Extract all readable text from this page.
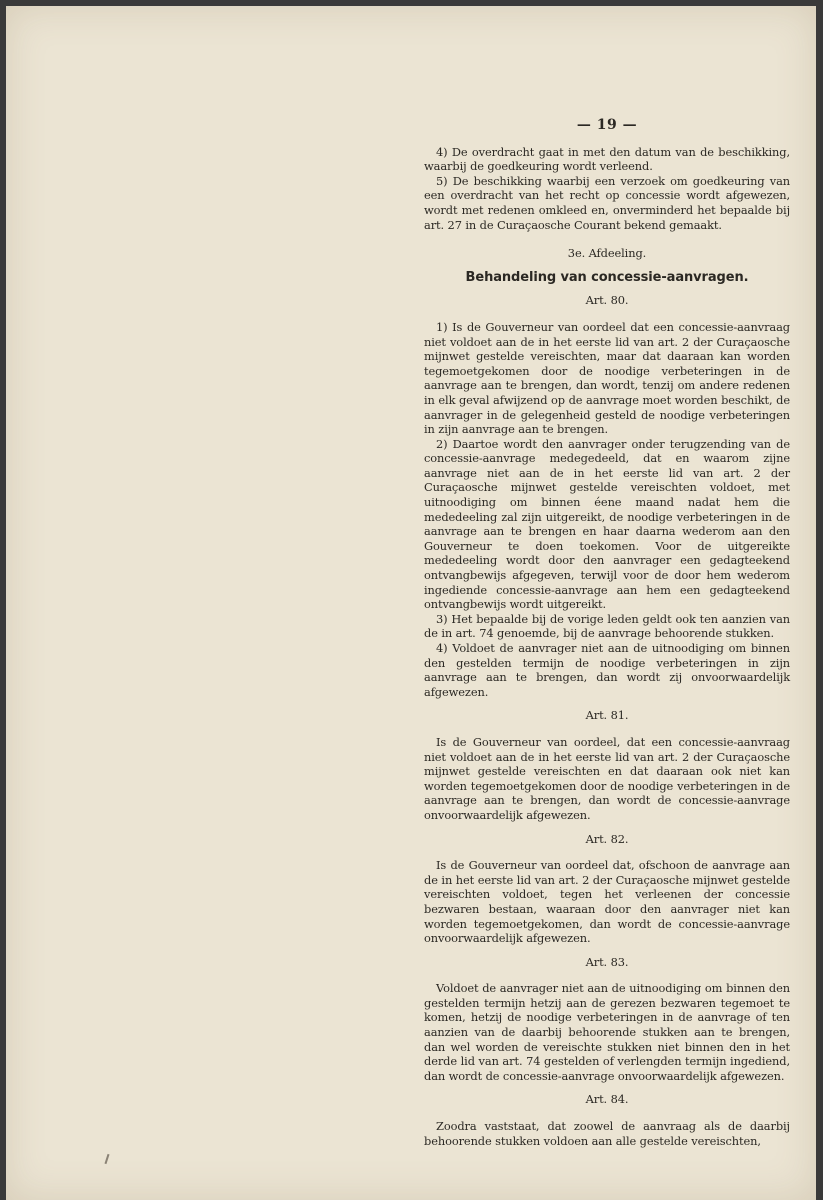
— 19 —

4) De overdracht gaat in met den datum van de beschikking, waarbij de goedkeuring wordt verleend.

5) De beschikking waarbij een verzoek om goedkeuring van een overdracht van het recht op concessie wordt afgewezen, wordt met redenen omkleed en, onverminderd het bepaalde bij art. 27 in de Curaçaosche Courant bekend gemaakt.

3e. Afdeeling.
Behandeling van concessie-aanvragen.
Art. 80.

1) Is de Gouverneur van oordeel dat een concessie-aanvraag niet voldoet aan de in het eerste lid van art. 2 der Curaçaosche mijnwet gestelde vereischten, maar dat daaraan kan worden tegemoetgekomen door de noodige verbeteringen in de aanvrage aan te brengen, dan wordt, tenzij om andere redenen in elk geval afwijzend op de aanvrage moet worden beschikt, de aanvrager in de gelegenheid gesteld de noodige verbeteringen in zijn aanvrage aan te brengen.

2) Daartoe wordt den aanvrager onder terugzending van de concessie-aanvrage medegedeeld, dat en waarom zijne aanvrage niet aan de in het eerste lid van art. 2 der Curaçaosche mijnwet gestelde vereischten voldoet, met uitnoodiging om binnen éene maand nadat hem die mededeeling zal zijn uitgereikt, de noodige verbeteringen in de aanvrage aan te brengen en haar daarna wederom aan den Gouverneur te doen toekomen. Voor de uitgereikte mededeeling wordt door den aanvrager een gedagteekend ontvangbewijs afgegeven, terwijl voor de door hem wederom ingediende concessie-aanvrage aan hem een gedagteekend ontvangbewijs wordt uitgereikt.

3) Het bepaalde bij de vorige leden geldt ook ten aanzien van de in art. 74 genoemde, bij de aanvrage behoorende stukken.

4) Voldoet de aanvrager niet aan de uitnoodiging om binnen den gestelden termijn de noodige verbeteringen in zijn aanvrage aan te brengen, dan wordt zij onvoorwaardelijk afgewezen.

Art. 81.

Is de Gouverneur van oordeel, dat een concessie-aanvraag niet voldoet aan de in het eerste lid van art. 2 der Curaçaosche mijnwet gestelde vereischten en dat daaraan ook niet kan worden tegemoetgekomen door de noodige verbeteringen in de aanvrage aan te brengen, dan wordt de concessie-aanvrage onvoorwaardelijk afgewezen.

Art. 82.

Is de Gouverneur van oordeel dat, ofschoon de aanvrage aan de in het eerste lid van art. 2 der Curaçaosche mijnwet gestelde vereischten voldoet, tegen het verleenen der concessie bezwaren bestaan, waaraan door den aanvrager niet kan worden tegemoetgekomen, dan wordt de concessie-aanvrage onvoorwaardelijk afgewezen.

Art. 83.

Voldoet de aanvrager niet aan de uitnoodiging om binnen den gestelden termijn hetzij aan de gerezen bezwaren tegemoet te komen, hetzij de noodige verbeteringen in de aanvrage of ten aanzien van de daarbij behoorende stukken aan te brengen, dan wel worden de vereischte stukken niet binnen den in het derde lid van art. 74 gestelden of verlengden termijn ingediend, dan wordt de concessie-aanvrage onvoorwaardelijk afgewezen.

Art. 84.

Zoodra vaststaat, dat zoowel de aanvraag als de daarbij behoorende stukken voldoen aan alle gestelde vereischten,
